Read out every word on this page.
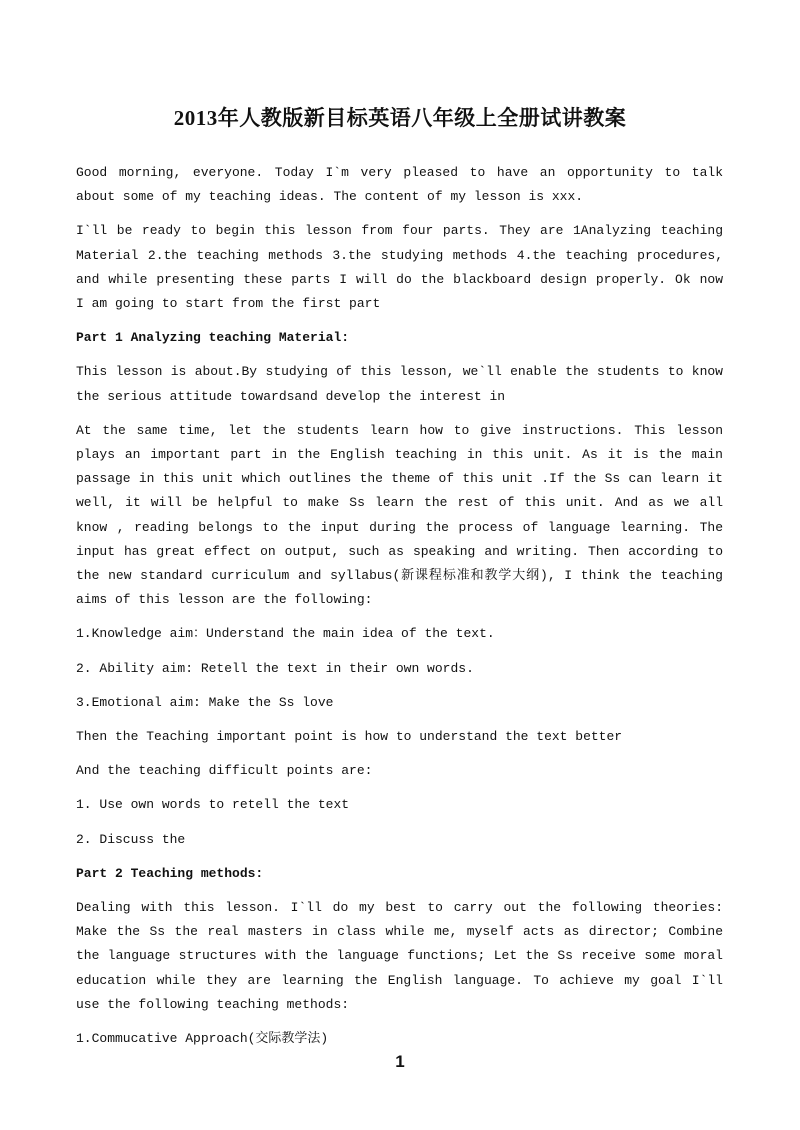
2013年人教版新目标英语八年级上全册试讲教案

Good morning, everyone. Today I`m very pleased to have an opportunity to talk about some of my teaching ideas. The content of my lesson is xxx.

I`ll be ready to begin this lesson from four parts. They are 1Analyzing teaching Material 2.the teaching methods 3.the studying methods 4.the teaching procedures, and while presenting these parts I will do the blackboard design properly. Ok now I am going to start from the first part

Part 1 Analyzing teaching Material:

This lesson is about.By studying of this lesson, we`ll enable the students to know the serious attitude towardsand develop the interest in

At the same time, let the students learn how to give instructions. This lesson plays an important part in the English teaching in this unit. As it is the main passage in this unit which outlines the theme of this unit .If the Ss can learn it well, it will be helpful to make Ss learn the rest of this unit. And as we all know , reading belongs to the input during the process of language learning. The input has great effect on output, such as speaking and writing. Then according to the new standard curriculum and syllabus(新课程标准和教学大纲), I think the teaching aims of this lesson are the following:

1.Knowledge aim：Understand the main idea of the text.

2. Ability aim: Retell the text in their own words.

3.Emotional aim: Make the Ss love

Then the Teaching important point is how to understand the text better

And the teaching difficult points are:

1. Use own words to retell the text

2. Discuss the

Part 2 Teaching methods:

Dealing with this lesson. I`ll do my best to carry out the following theories: Make the Ss the real masters in class while me, myself acts as director; Combine the language structures with the language functions; Let the Ss receive some moral education while they are learning the English language. To achieve my goal I`ll use the following teaching methods:

1.Commucative Approach(交际教学法)

1
